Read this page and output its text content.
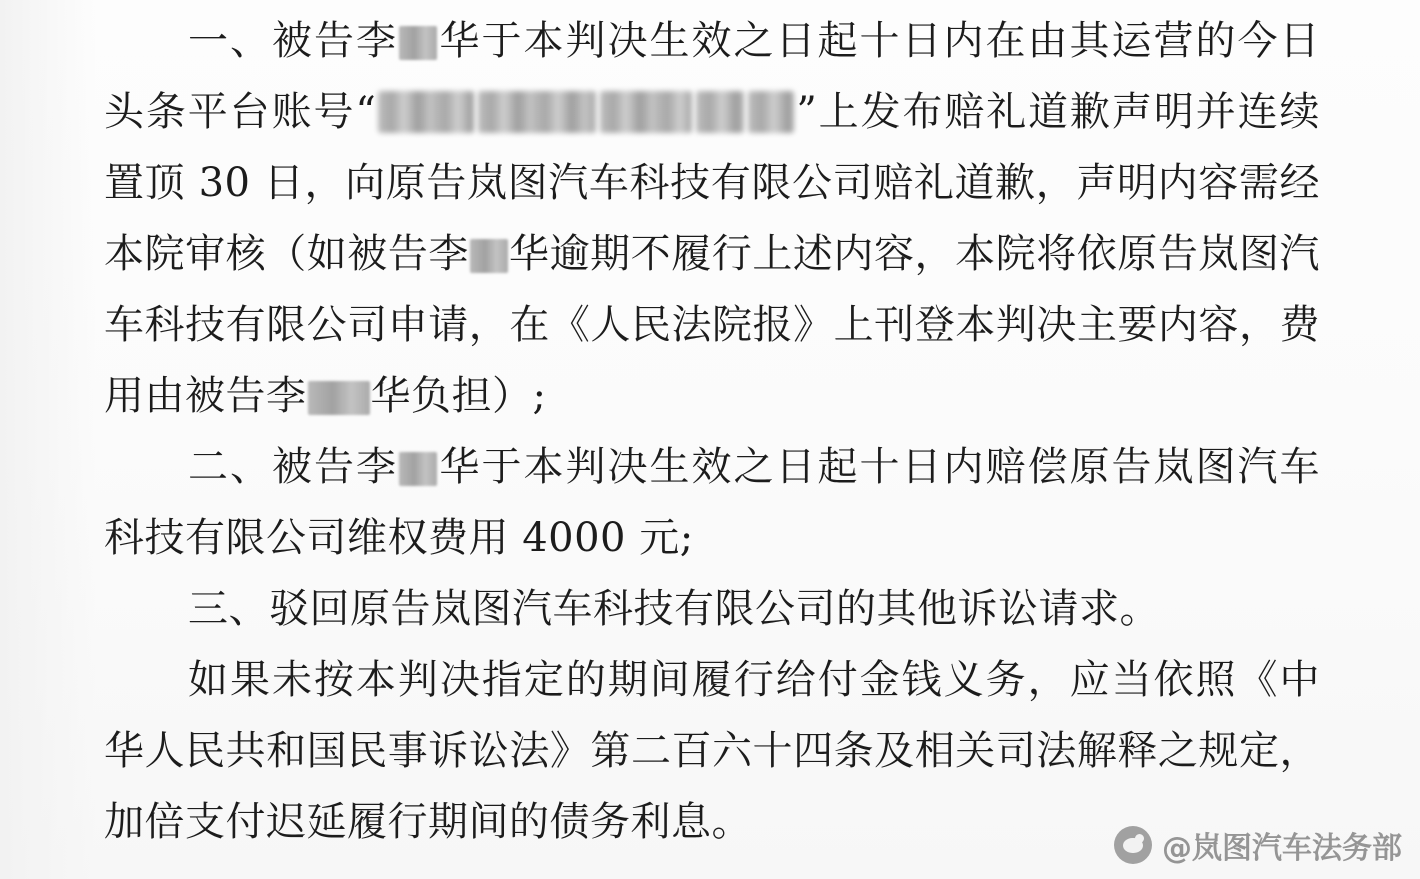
一、被告李 华于本判决生效之日起十日内在由其运营的今日头条平台账号“	”上发布赔礼道歉声明并连续置顶 30 日，向原告岚图汽车科技有限公司赔礼道歉，声明内容需经本院审核（如被告李 华逾期不履行上述内容，本院将依原告岚图汽车科技有限公司申请，在《人民法院报》上刊登本判决主要内容，费用由被告李 华负担）;

二、被告李 华于本判决生效之日起十日内赔偿原告岚图汽车科技有限公司维权费用 4000 元;

三、驳回原告岚图汽车科技有限公司的其他诉讼请求。

如果未按本判决指定的期间履行给付金钱义务，应当依照《中华人民共和国民事诉讼法》第二百六十四条及相关司法解释之规定，加倍支付迟延履行期间的债务利息。

@岚图汽车法务部
